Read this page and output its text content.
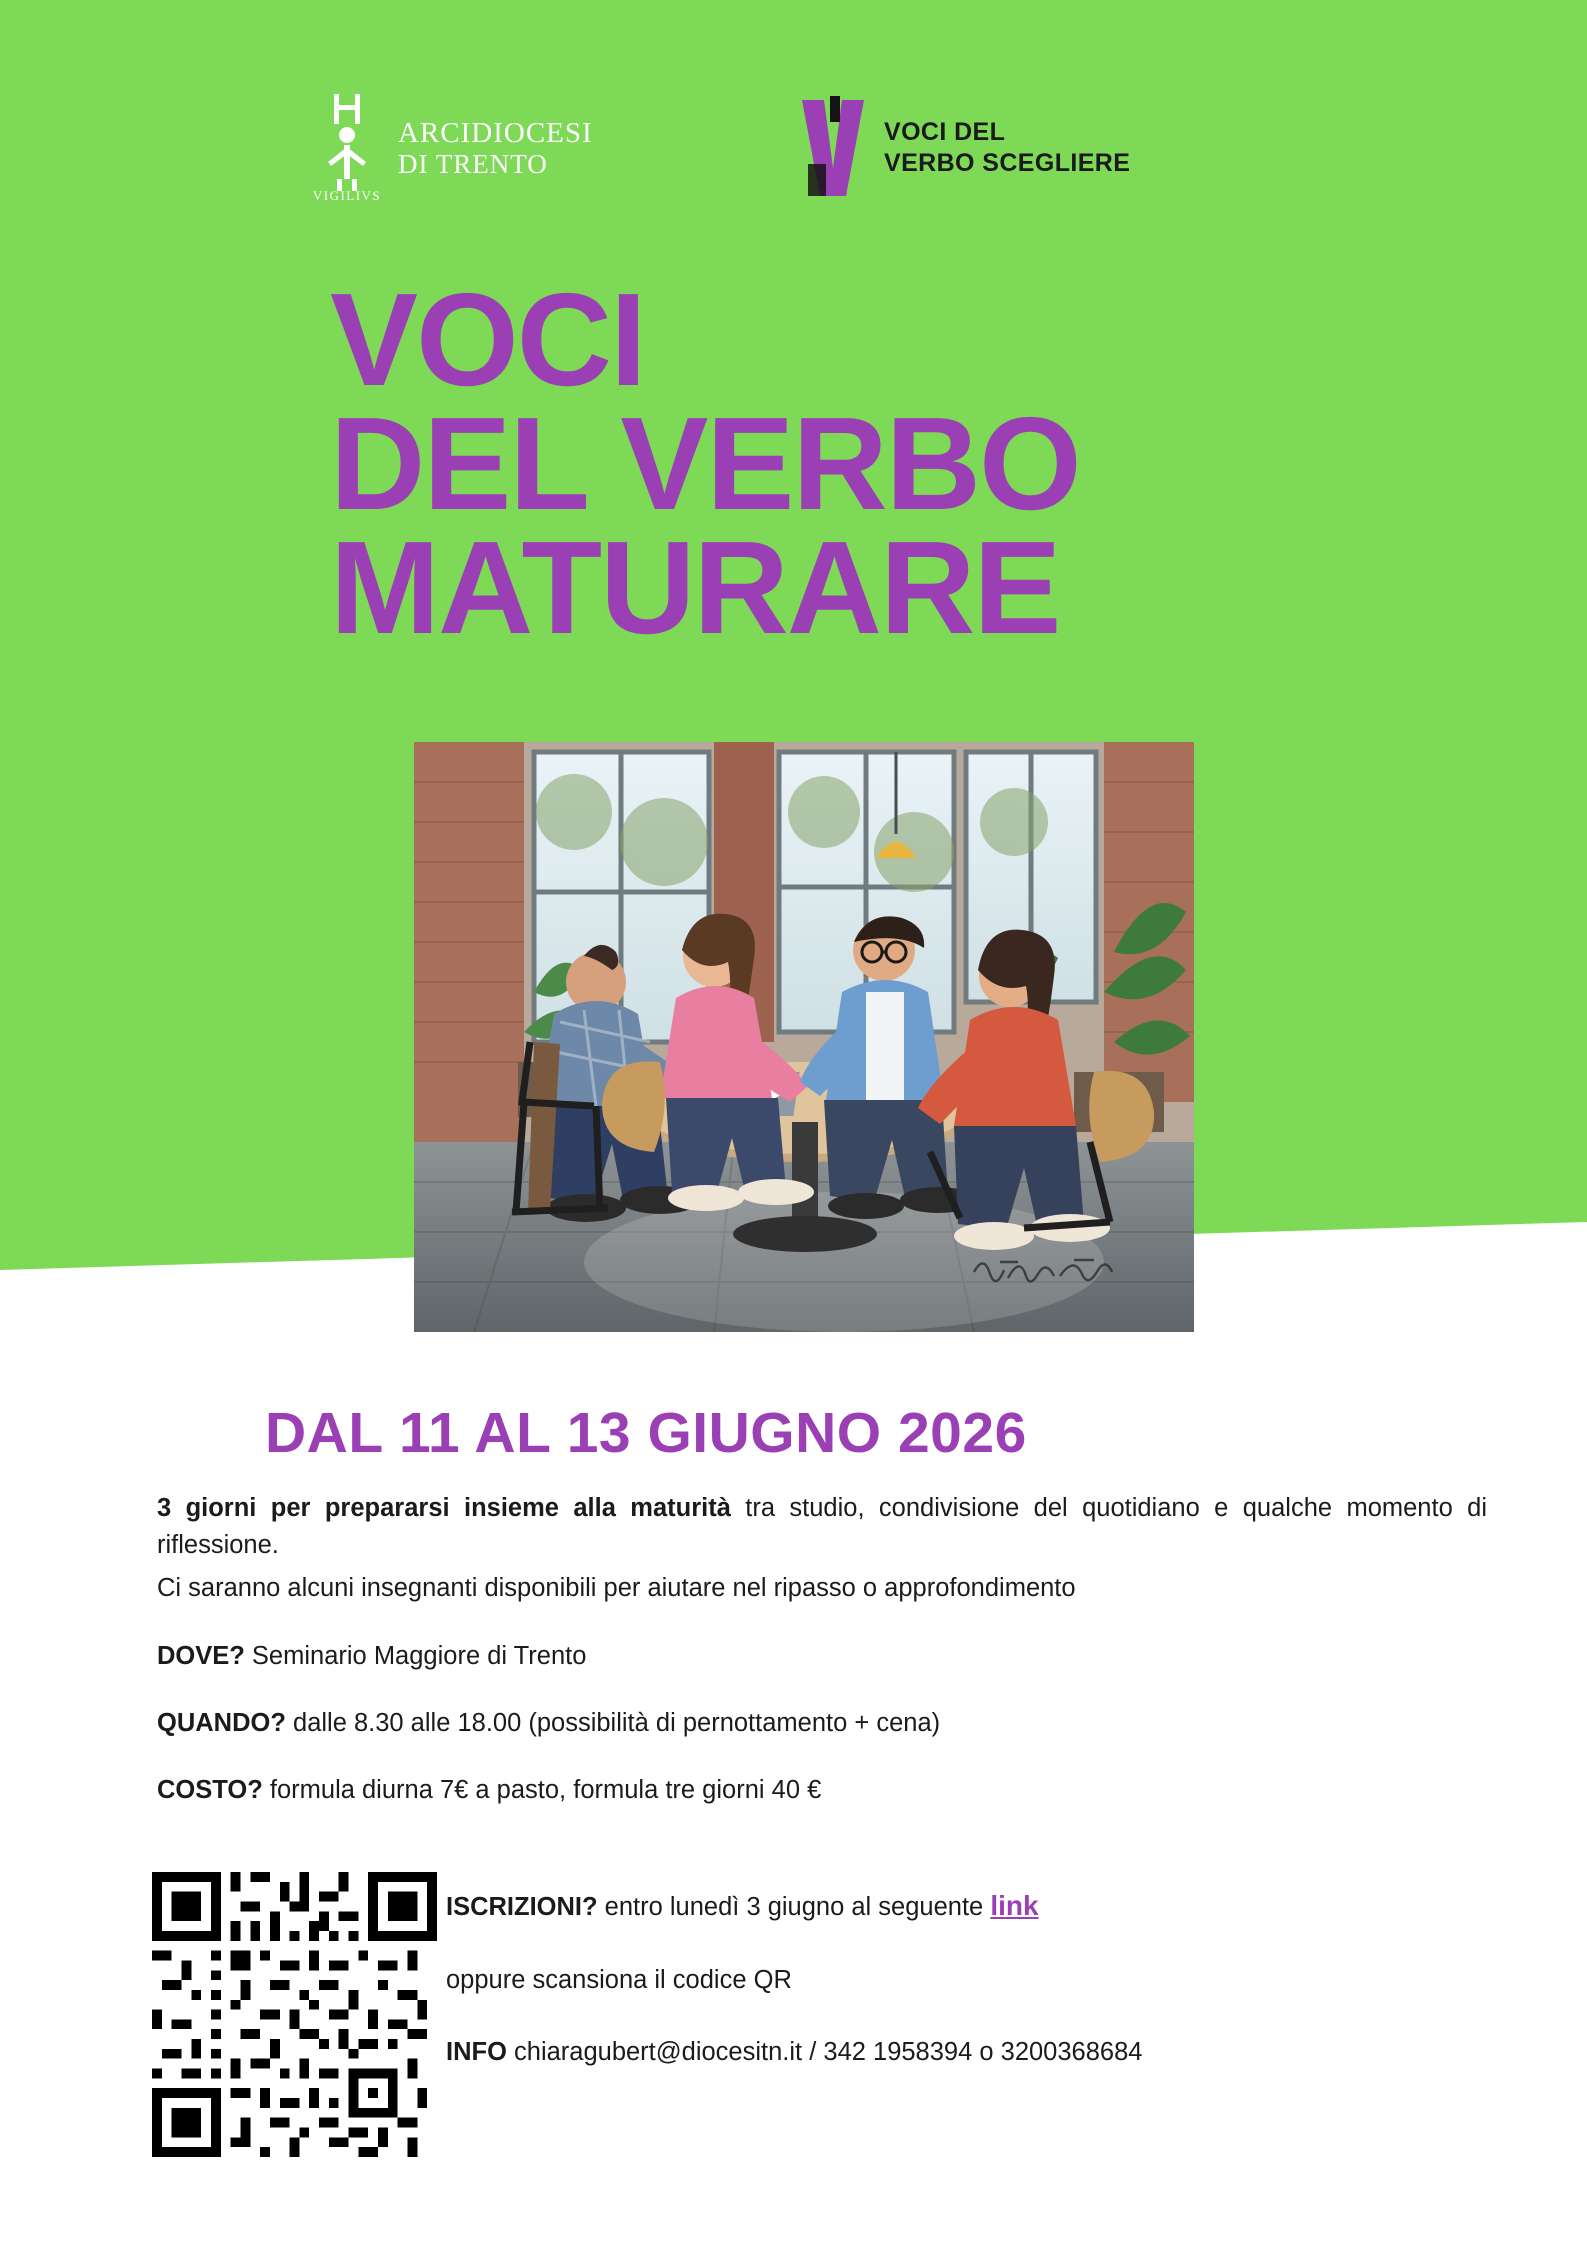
VIGILIVS
ARCIDIOCESI
DI TRENTO
VOCI DEL
VERBO SCEGLIERE
VOCI
DEL VERBO
MATURARE
DAL 11 AL 13 GIUGNO 2026

3 giorni per prepararsi insieme alla maturità tra studio, condivisione del quotidiano e qualche momento di riflessione.

Ci saranno alcuni insegnanti disponibili per aiutare nel ripasso o approfondimento

DOVE? Seminario Maggiore di Trento
QUANDO? dalle 8.30 alle 18.00 (possibilità di pernottamento + cena)
COSTO? formula diurna 7€ a pasto, formula tre giorni 40 €
ISCRIZIONI? entro lunedì 3 giugno al seguente link
oppure scansiona il codice QR
INFO chiaragubert@diocesitn.it / 342 1958394 o 3200368684
